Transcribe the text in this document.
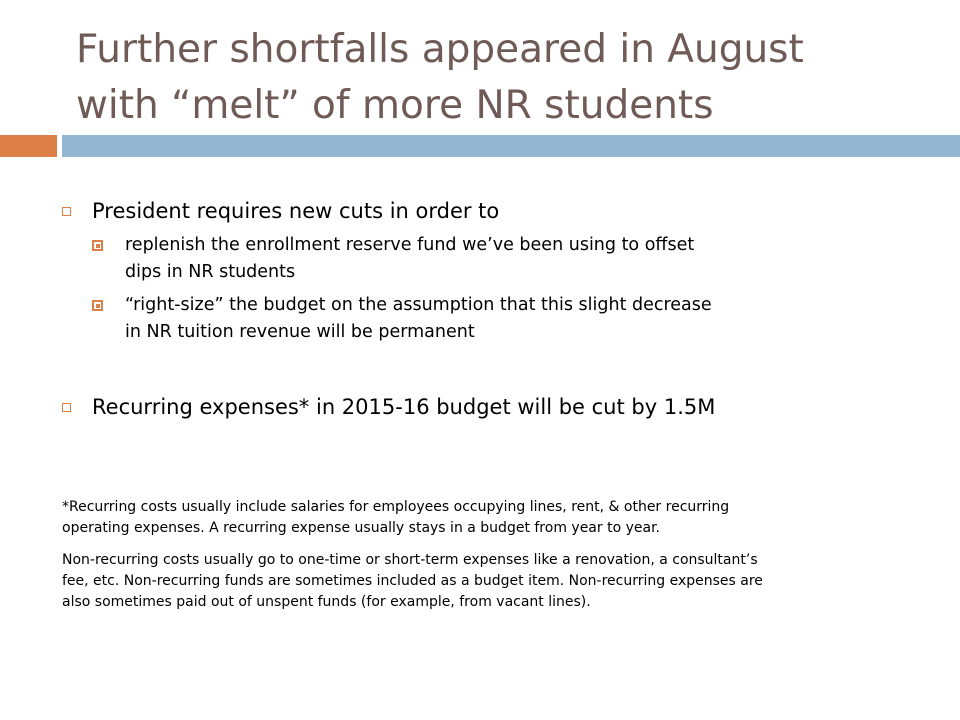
Further shortfalls appeared in August
with “melt” of more NR students
President requires new cuts in order to
replenish the enrollment reserve fund we’ve been using to offset
dips in NR students
“right-size” the budget on the assumption that this slight decrease
in NR tuition revenue will be permanent
Recurring expenses* in 2015-16 budget will be cut by 1.5M
*Recurring costs usually include salaries for employees occupying lines, rent, & other recurring
operating expenses. A recurring expense usually stays in a budget from year to year.
Non-recurring costs usually go to one-time or short-term expenses like a renovation, a consultant’s
fee, etc. Non-recurring funds are sometimes included as a budget item. Non-recurring expenses are
also sometimes paid out of unspent funds (for example, from vacant lines).
